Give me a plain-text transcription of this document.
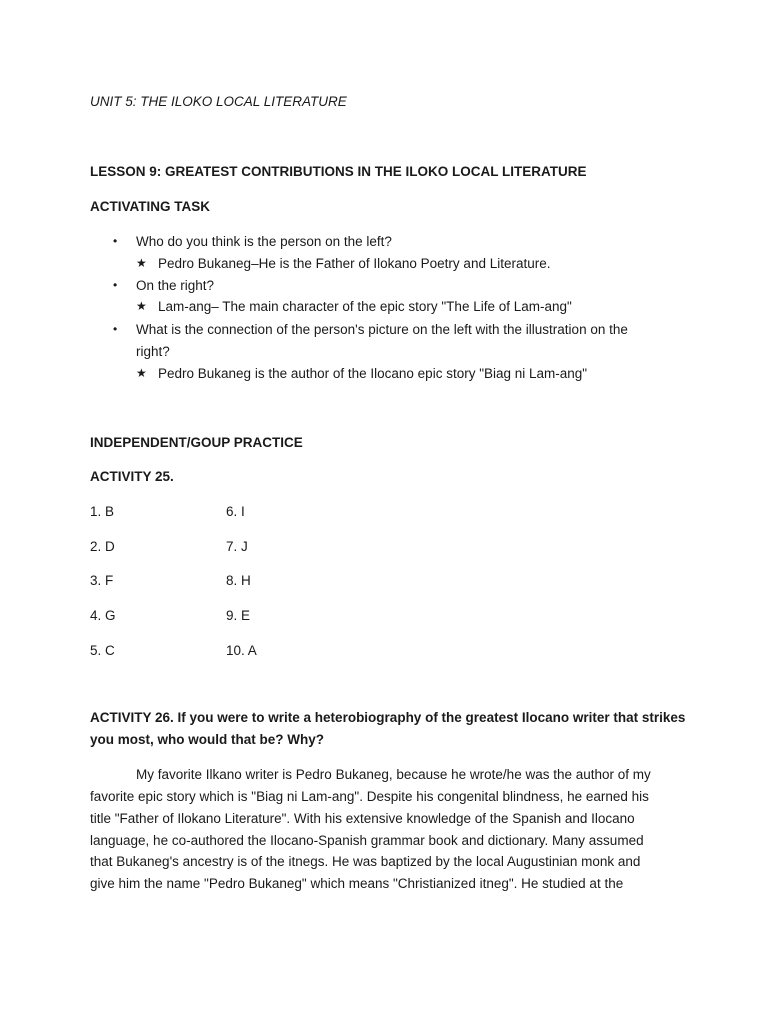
UNIT 5: THE ILOKO LOCAL LITERATURE
LESSON 9: GREATEST CONTRIBUTIONS IN THE ILOKO LOCAL LITERATURE
ACTIVATING TASK
•	Who do you think is the person on the left?
★ Pedro Bukaneg–He is the Father of Ilokano Poetry and Literature.
•	On the right?
★ Lam-ang– The main character of the epic story "The Life of Lam-ang"
•	What is the connection of the person's picture on the left with the illustration on the
right?
★ Pedro Bukaneg is the author of the Ilocano epic story "Biag ni Lam-ang"
INDEPENDENT/GOUP PRACTICE
ACTIVITY 25.
1. B	6. I
2. D	7. J
3. F	8. H
4. G	9. E
5. C	10. A
ACTIVITY 26. If you were to write a heterobiography of the greatest Ilocano writer that strikes
you most, who would that be? Why?
My favorite Ilkano writer is Pedro Bukaneg, because he wrote/he was the author of my
favorite epic story which is "Biag ni Lam-ang". Despite his congenital blindness, he earned his
title "Father of Ilokano Literature". With his extensive knowledge of the Spanish and Ilocano
language, he co-authored the Ilocano-Spanish grammar book and dictionary. Many assumed
that Bukaneg's ancestry is of the itnegs. He was baptized by the local Augustinian monk and
give him the name "Pedro Bukaneg" which means "Christianized itneg". He studied at the
